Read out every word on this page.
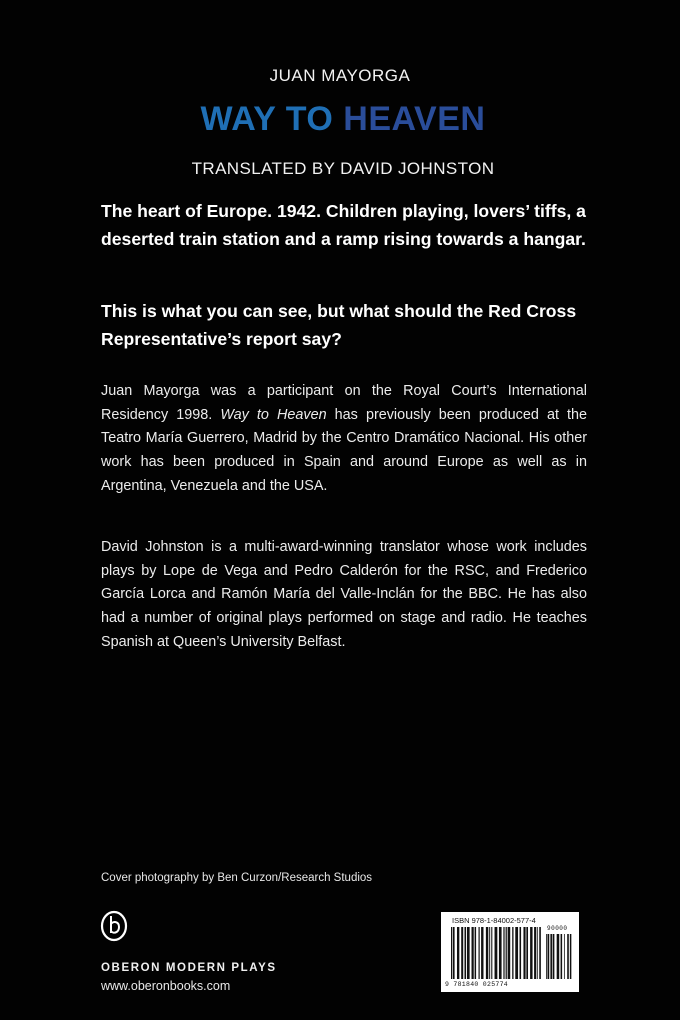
JUAN MAYORGA
WAY TO HEAVEN
TRANSLATED BY DAVID JOHNSTON

The heart of Europe. 1942. Children playing, lovers’ tiffs, a deserted train station and a ramp rising towards a hangar.

This is what you can see, but what should the Red Cross Representative’s report say?

Juan Mayorga was a participant on the Royal Court’s International Residency 1998. Way to Heaven has previously been produced at the Teatro María Guerrero, Madrid by the Centro Dramático Nacional. His other work has been produced in Spain and around Europe as well as in Argentina, Venezuela and the USA.

David Johnston is a multi-award-winning translator whose work includes plays by Lope de Vega and Pedro Calderón for the RSC, and Frederico García Lorca and Ramón María del Valle-Inclán for the BBC. He has also had a number of original plays performed on stage and radio. He teaches Spanish at Queen’s University Belfast.

Cover photography by Ben Curzon/Research Studios
OBERON MODERN PLAYS
www.oberonbooks.com
ISBN 978-1-84002-577-4
90000
9 781840 025774
